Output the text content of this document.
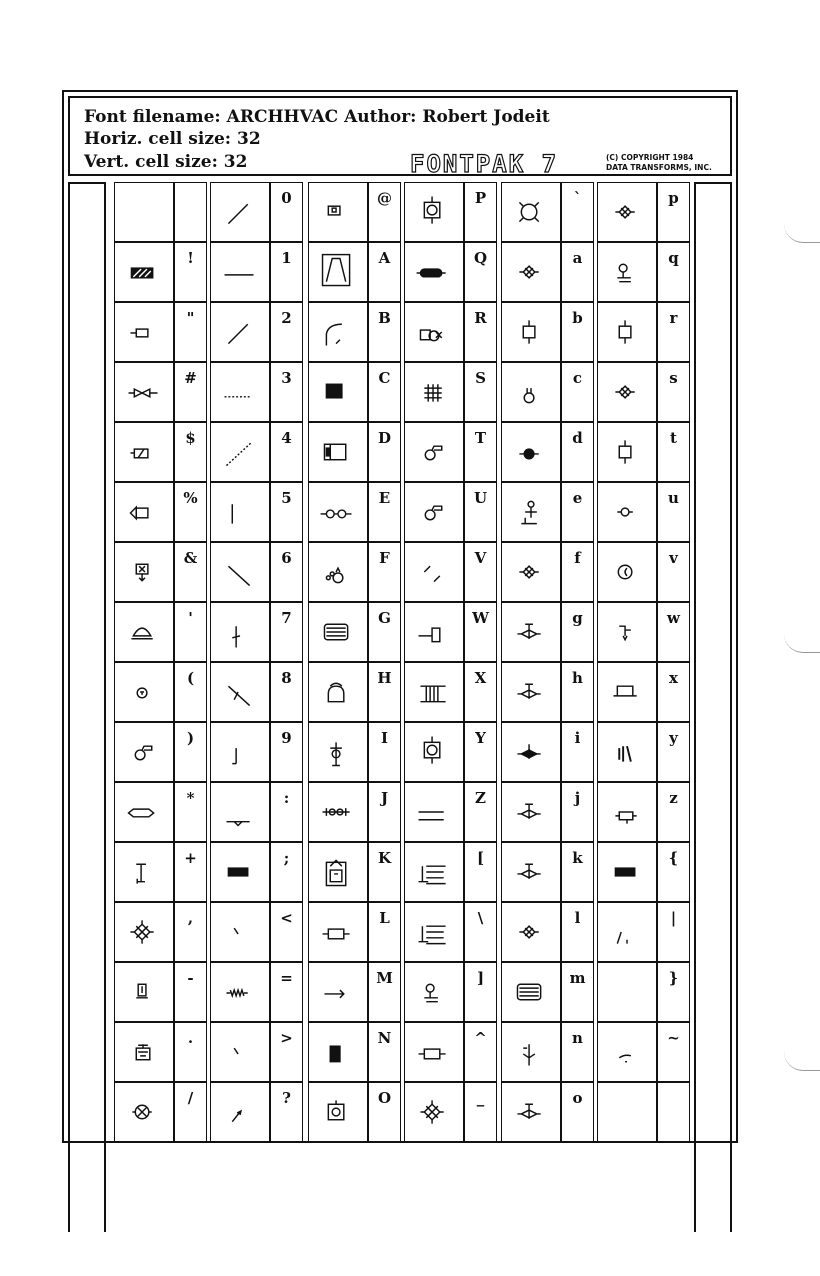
Font filename: ARCHHVAC Author: Robert Jodeit
Horiz. cell size: 32
Vert. cell size: 32	FONTPAK 7	(C) COPYRIGHT 1984
DATA TRANSFORMS, INC.
!
"
#
$
%
&
'
(
)
*
+
,
-
.
/
0
1
2
3
4
5
6
7
8
9
:
;
<
=
>
?
@
A
B
C
D
E
F
G
H
I
J
K
L
M
N
O
P
Q
R
S
T
U
V
W
X
Y
Z
[
\
]
^
_
`
a
b
c
d
e
f
g
h
i
j
k
l
m
n
o
p
q
r
s
t
u
v
w
x
y
z
{
|
}
~
